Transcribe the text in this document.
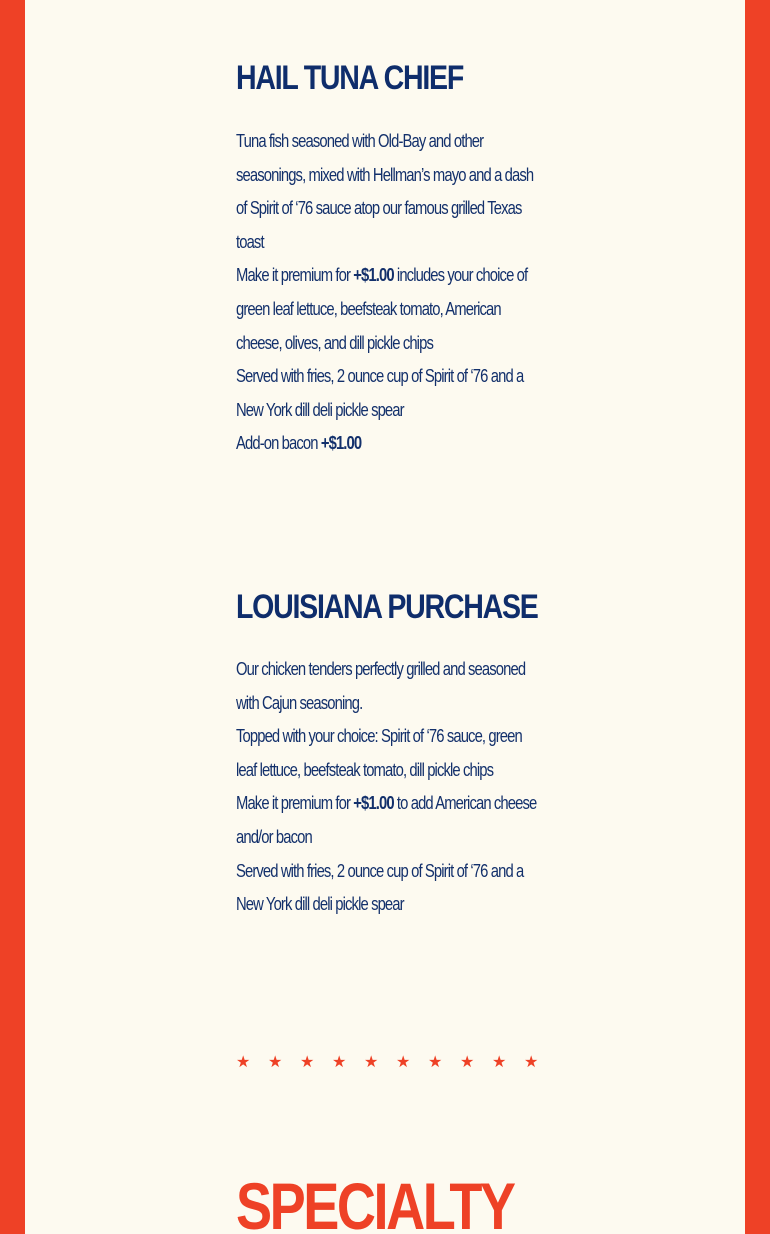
HAIL TUNA CHIEF

Tuna fish seasoned with Old-Bay and other seasonings, mixed with Hellman’s mayo and a dash of Spirit of ‘76 sauce atop our famous grilled Texas toast

Make it premium for +$1.00 includes your choice of green leaf lettuce, beefsteak tomato, American cheese, olives, and dill pickle chips

Served with fries, 2 ounce cup of Spirit of ‘76 and a New York dill deli pickle spear

Add-on bacon +$1.00

LOUISIANA PURCHASE

Our chicken tenders perfectly grilled and seasoned with Cajun seasoning.

Topped with your choice: Spirit of ‘76 sauce, green leaf lettuce, beefsteak tomato, dill pickle chips

Make it premium for +$1.00 to add American cheese and/or bacon

Served with fries, 2 ounce cup of Spirit of ‘76 and a New York dill deli pickle spear

★ ★ ★ ★ ★ ★ ★ ★ ★ ★
SPECIALTY
